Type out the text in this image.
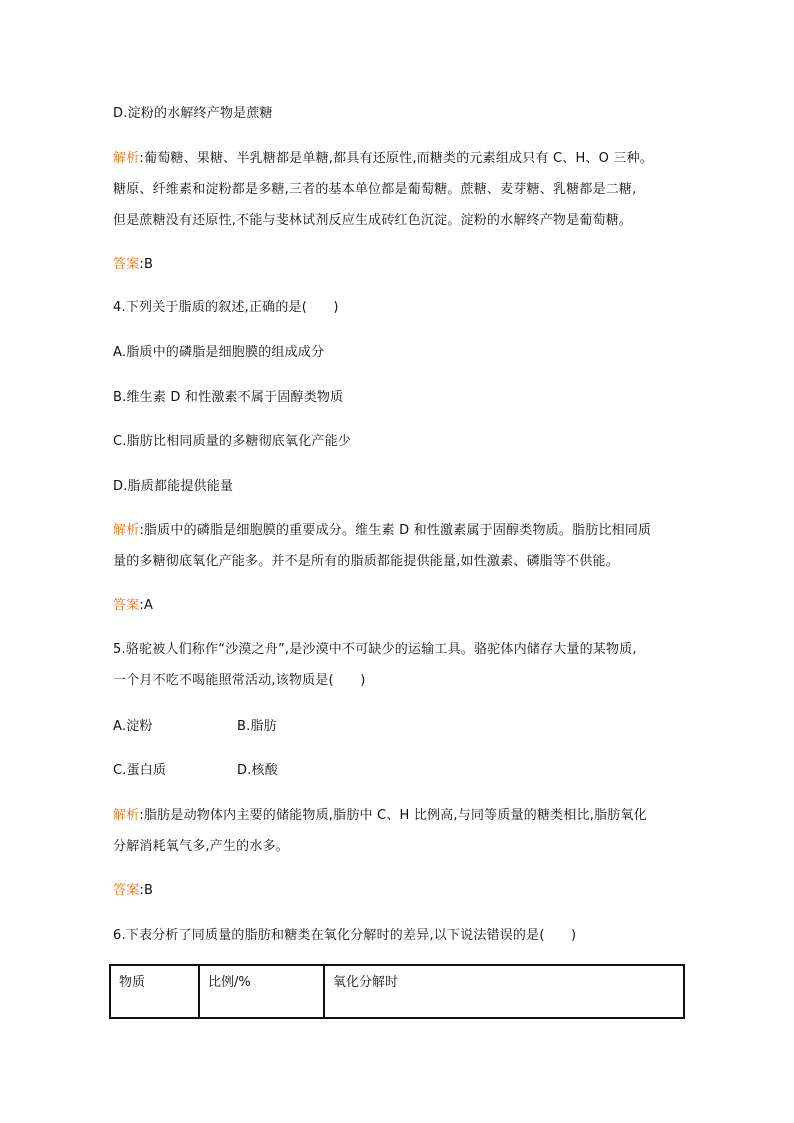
D.淀粉的水解终产物是蔗糖
解析:葡萄糖、果糖、半乳糖都是单糖,都具有还原性,而糖类的元素组成只有 C、H、O 三种。
糖原、纤维素和淀粉都是多糖,三者的基本单位都是葡萄糖。蔗糖、麦芽糖、乳糖都是二糖,
但是蔗糖没有还原性,不能与斐林试剂反应生成砖红色沉淀。淀粉的水解终产物是葡萄糖。
答案:B
4.下列关于脂质的叙述,正确的是(　　)
A.脂质中的磷脂是细胞膜的组成成分
B.维生素 D 和性激素不属于固醇类物质
C.脂肪比相同质量的多糖彻底氧化产能少
D.脂质都能提供能量
解析:脂质中的磷脂是细胞膜的重要成分。维生素 D 和性激素属于固醇类物质。脂肪比相同质
量的多糖彻底氧化产能多。并不是所有的脂质都能提供能量,如性激素、磷脂等不供能。
答案:A
5.骆驼被人们称作“沙漠之舟”,是沙漠中不可缺少的运输工具。骆驼体内储存大量的某物质,
一个月不吃不喝能照常活动,该物质是(　　)
A.淀粉	B.脂肪
C.蛋白质	D.核酸
解析:脂肪是动物体内主要的储能物质,脂肪中 C、H 比例高,与同等质量的糖类相比,脂肪氧化
分解消耗氧气多,产生的水多。
答案:B
6.下表分析了同质量的脂肪和糖类在氧化分解时的差异,以下说法错误的是(　　)
物质	比例/%	氧化分解时
